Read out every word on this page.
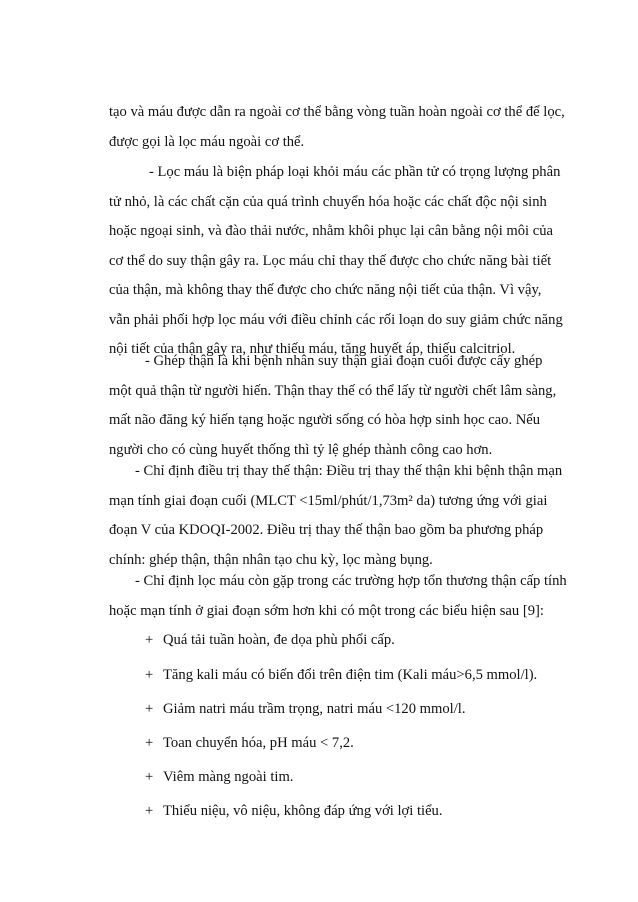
tạo và máu được dẫn ra ngoài cơ thể bằng vòng tuần hoàn ngoài cơ thể để lọc,
được gọi là lọc máu ngoài cơ thể.
- Lọc máu là biện pháp loại khỏi máu các phần tử có trọng lượng phân
tử nhỏ, là các chất cặn của quá trình chuyển hóa hoặc các chất độc nội sinh
hoặc ngoại sinh, và đào thải nước, nhằm khôi phục lại cân bằng nội môi của
cơ thể do suy thận gây ra. Lọc máu chỉ thay thế được cho chức năng bài tiết
của thận, mà không thay thế được cho chức năng nội tiết của thận. Vì vậy,
vẫn phải phối hợp lọc máu với điều chỉnh các rối loạn do suy giảm chức năng
nội tiết của thận gây ra, như thiếu máu, tăng huyết áp, thiếu calcitriol.
- Ghép thận là khi bệnh nhân suy thận giai đoạn cuối được cấy ghép
một quả thận từ người hiến. Thận thay thế có thể lấy từ người chết lâm sàng,
mất não đăng ký hiến tạng hoặc người sống có hòa hợp sinh học cao. Nếu
người cho có cùng huyết thống thì tỷ lệ ghép thành công cao hơn.
- Chỉ định điều trị thay thế thận: Điều trị thay thế thận khi bệnh thận mạn
mạn tính giai đoạn cuối (MLCT <15ml/phút/1,73m² da) tương ứng với giai
đoạn V của KDOQI-2002. Điều trị thay thế thận bao gồm ba phương pháp
chính: ghép thận, thận nhân tạo chu kỳ, lọc màng bụng.
- Chỉ định lọc máu còn gặp trong các trường hợp tổn thương thận cấp tính
hoặc mạn tính ở giai đoạn sớm hơn khi có một trong các biểu hiện sau [9]:
+ Quá tải tuần hoàn, đe dọa phù phổi cấp.
+ Tăng kali máu có biến đổi trên điện tim (Kali máu>6,5 mmol/l).
+ Giảm natri máu trầm trọng, natri máu <120 mmol/l.
+ Toan chuyển hóa, pH máu < 7,2.
+ Viêm màng ngoài tim.
+ Thiểu niệu, vô niệu, không đáp ứng với lợi tiểu.
